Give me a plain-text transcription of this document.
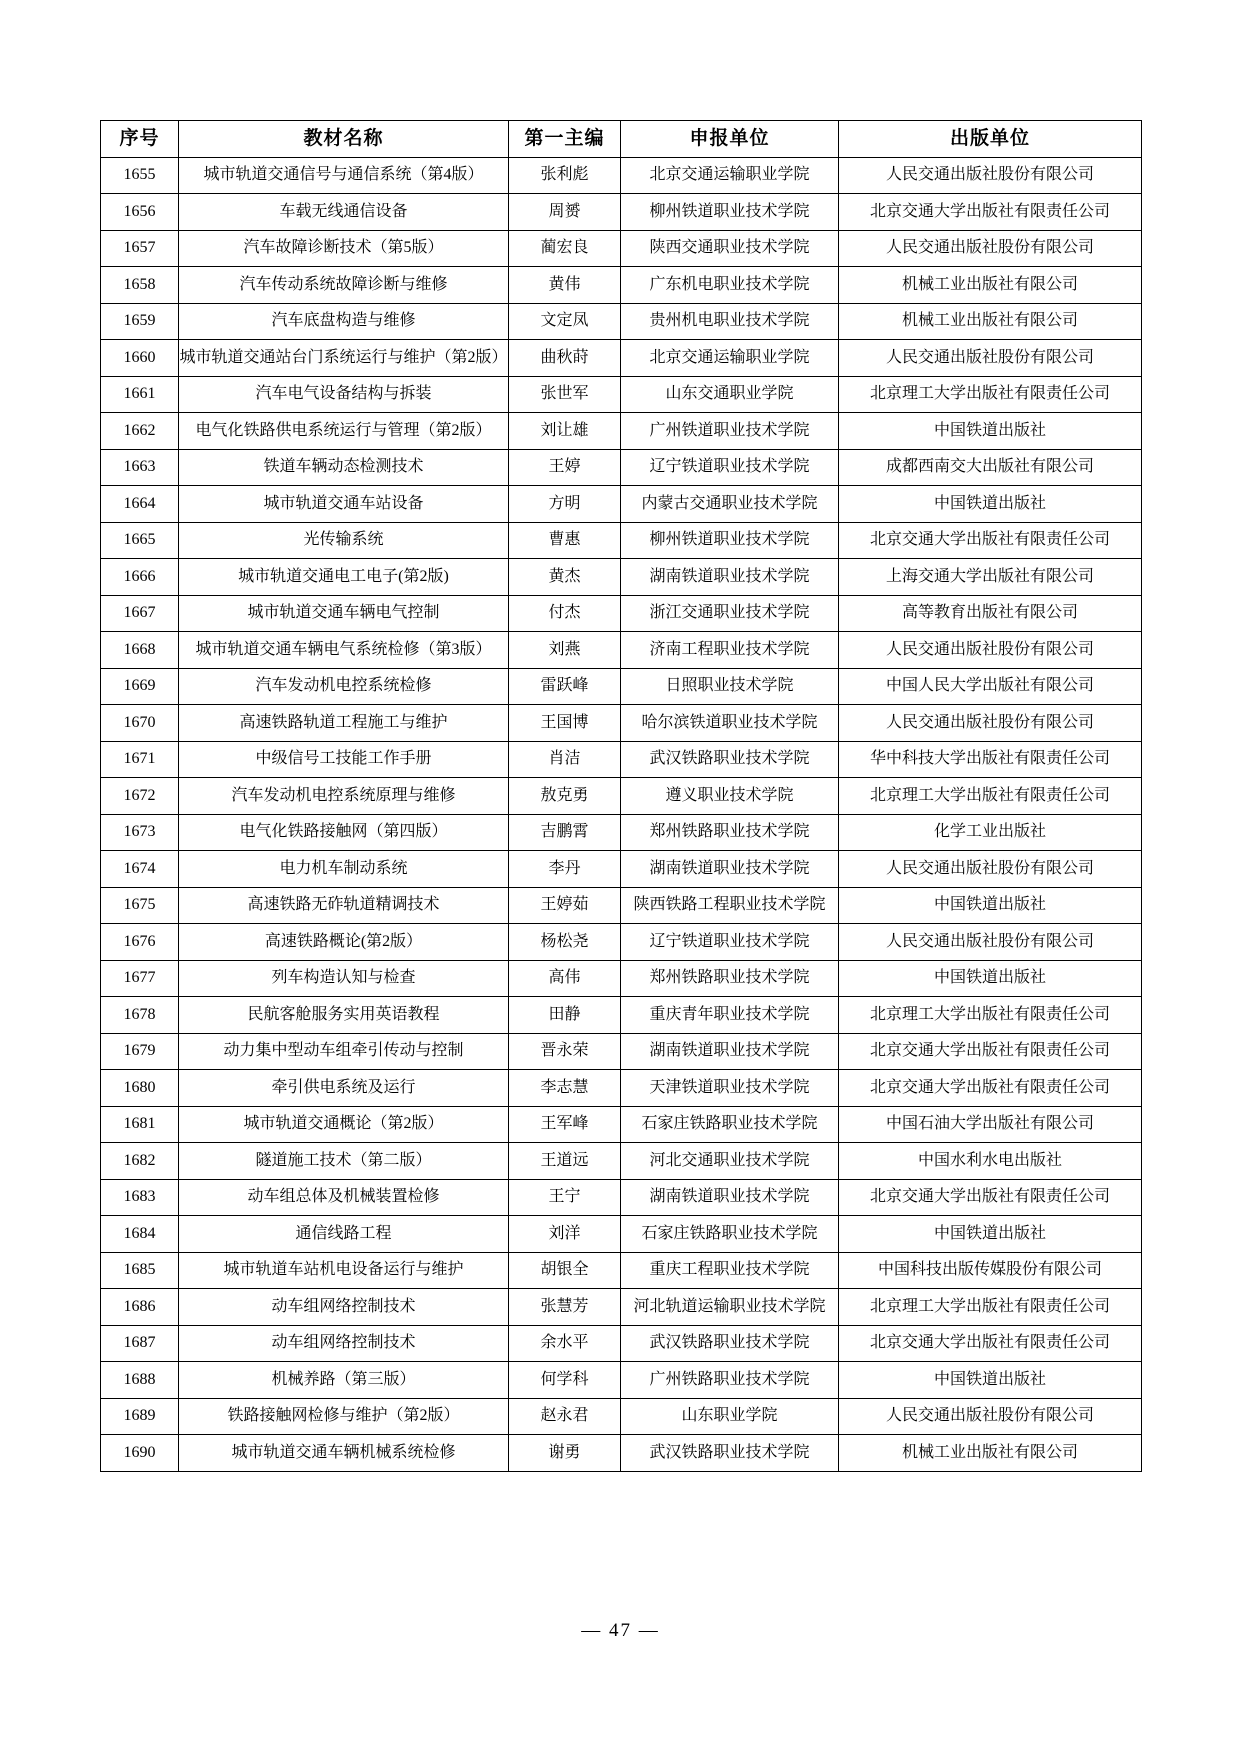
序号	教材名称	第一主编	申报单位	出版单位
1655	城市轨道交通信号与通信系统（第4版）	张利彪	北京交通运输职业学院	人民交通出版社股份有限公司
1656	车载无线通信设备	周赟	柳州铁道职业技术学院	北京交通大学出版社有限责任公司
1657	汽车故障诊断技术（第5版）	蔺宏良	陕西交通职业技术学院	人民交通出版社股份有限公司
1658	汽车传动系统故障诊断与维修	黄伟	广东机电职业技术学院	机械工业出版社有限公司
1659	汽车底盘构造与维修	文定凤	贵州机电职业技术学院	机械工业出版社有限公司
1660	城市轨道交通站台门系统运行与维护（第2版）	曲秋莳	北京交通运输职业学院	人民交通出版社股份有限公司
1661	汽车电气设备结构与拆装	张世军	山东交通职业学院	北京理工大学出版社有限责任公司
1662	电气化铁路供电系统运行与管理（第2版）	刘让雄	广州铁道职业技术学院	中国铁道出版社
1663	铁道车辆动态检测技术	王婷	辽宁铁道职业技术学院	成都西南交大出版社有限公司
1664	城市轨道交通车站设备	方明	内蒙古交通职业技术学院	中国铁道出版社
1665	光传输系统	曹惠	柳州铁道职业技术学院	北京交通大学出版社有限责任公司
1666	城市轨道交通电工电子(第2版)	黄杰	湖南铁道职业技术学院	上海交通大学出版社有限公司
1667	城市轨道交通车辆电气控制	付杰	浙江交通职业技术学院	高等教育出版社有限公司
1668	城市轨道交通车辆电气系统检修（第3版）	刘燕	济南工程职业技术学院	人民交通出版社股份有限公司
1669	汽车发动机电控系统检修	雷跃峰	日照职业技术学院	中国人民大学出版社有限公司
1670	高速铁路轨道工程施工与维护	王国博	哈尔滨铁道职业技术学院	人民交通出版社股份有限公司
1671	中级信号工技能工作手册	肖洁	武汉铁路职业技术学院	华中科技大学出版社有限责任公司
1672	汽车发动机电控系统原理与维修	敖克勇	遵义职业技术学院	北京理工大学出版社有限责任公司
1673	电气化铁路接触网（第四版）	吉鹏霄	郑州铁路职业技术学院	化学工业出版社
1674	电力机车制动系统	李丹	湖南铁道职业技术学院	人民交通出版社股份有限公司
1675	高速铁路无砟轨道精调技术	王婷茹	陕西铁路工程职业技术学院	中国铁道出版社
1676	高速铁路概论(第2版）	杨松尧	辽宁铁道职业技术学院	人民交通出版社股份有限公司
1677	列车构造认知与检查	高伟	郑州铁路职业技术学院	中国铁道出版社
1678	民航客舱服务实用英语教程	田静	重庆青年职业技术学院	北京理工大学出版社有限责任公司
1679	动力集中型动车组牵引传动与控制	晋永荣	湖南铁道职业技术学院	北京交通大学出版社有限责任公司
1680	牵引供电系统及运行	李志慧	天津铁道职业技术学院	北京交通大学出版社有限责任公司
1681	城市轨道交通概论（第2版）	王军峰	石家庄铁路职业技术学院	中国石油大学出版社有限公司
1682	隧道施工技术（第二版）	王道远	河北交通职业技术学院	中国水利水电出版社
1683	动车组总体及机械装置检修	王宁	湖南铁道职业技术学院	北京交通大学出版社有限责任公司
1684	通信线路工程	刘洋	石家庄铁路职业技术学院	中国铁道出版社
1685	城市轨道车站机电设备运行与维护	胡银全	重庆工程职业技术学院	中国科技出版传媒股份有限公司
1686	动车组网络控制技术	张慧芳	河北轨道运输职业技术学院	北京理工大学出版社有限责任公司
1687	动车组网络控制技术	余水平	武汉铁路职业技术学院	北京交通大学出版社有限责任公司
1688	机械养路（第三版）	何学科	广州铁路职业技术学院	中国铁道出版社
1689	铁路接触网检修与维护（第2版）	赵永君	山东职业学院	人民交通出版社股份有限公司
1690	城市轨道交通车辆机械系统检修	谢勇	武汉铁路职业技术学院	机械工业出版社有限公司
— 47 —
